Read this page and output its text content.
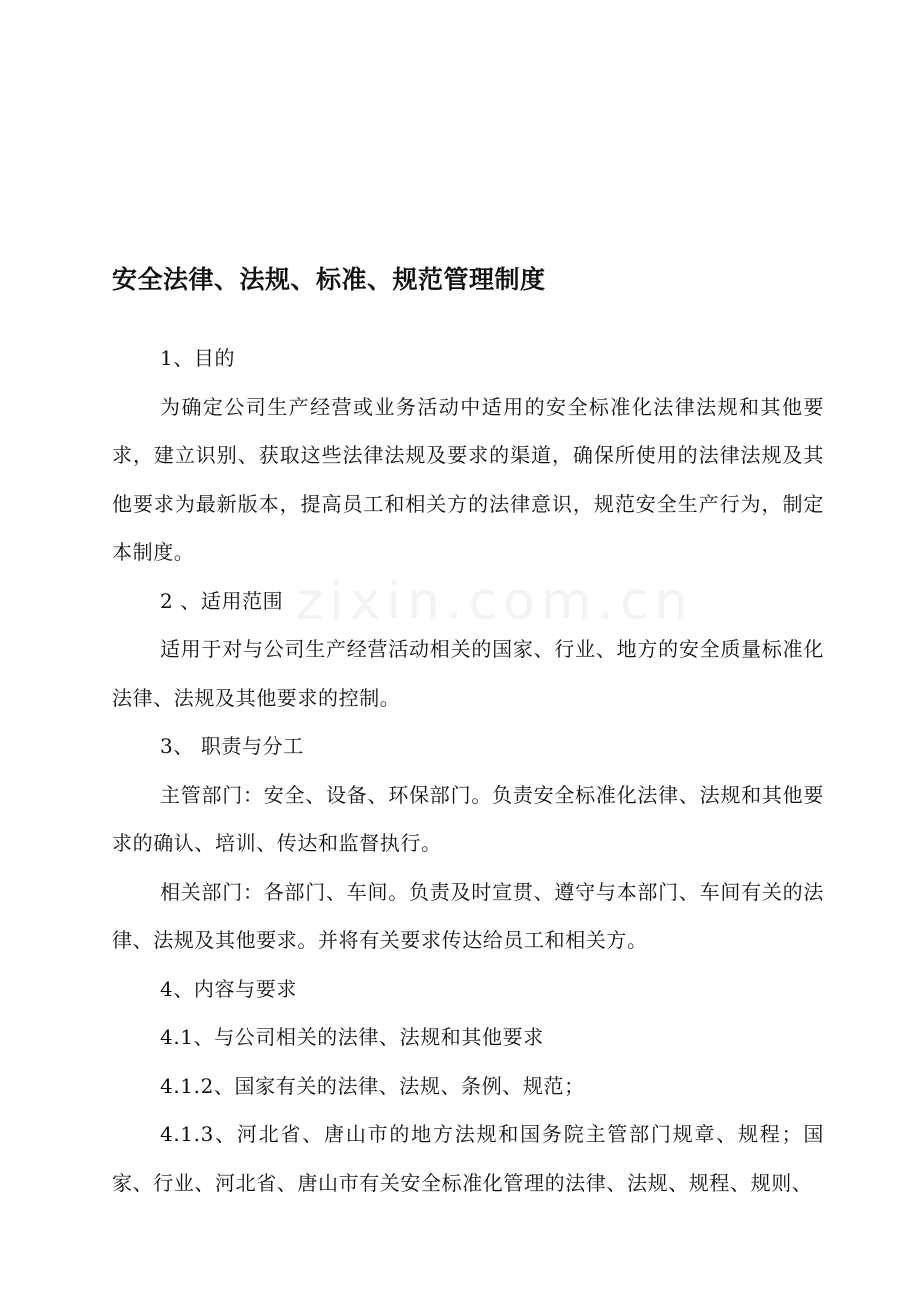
zixin.com.cn
安全法律、法规、标准、规范管理制度

1、目的

为确定公司生产经营或业务活动中适用的安全标准化法律法规和其他要求，建立识别、获取这些法律法规及要求的渠道，确保所使用的法律法规及其他要求为最新版本，提高员工和相关方的法律意识，规范安全生产行为，制定本制度。

2 、适用范围

适用于对与公司生产经营活动相关的国家、行业、地方的安全质量标准化法律、法规及其他要求的控制。

3、 职责与分工

主管部门：安全、设备、环保部门。负责安全标准化法律、法规和其他要求的确认、培训、传达和监督执行。

相关部门：各部门、车间。负责及时宣贯、遵守与本部门、车间有关的法律、法规及其他要求。并将有关要求传达给员工和相关方。

4、内容与要求

4.1、与公司相关的法律、法规和其他要求

4.1.2、国家有关的法律、法规、条例、规范；

4.1.3、河北省、唐山市的地方法规和国务院主管部门规章、规程；国家、行业、河北省、唐山市有关安全标准化管理的法律、法规、规程、规则、
